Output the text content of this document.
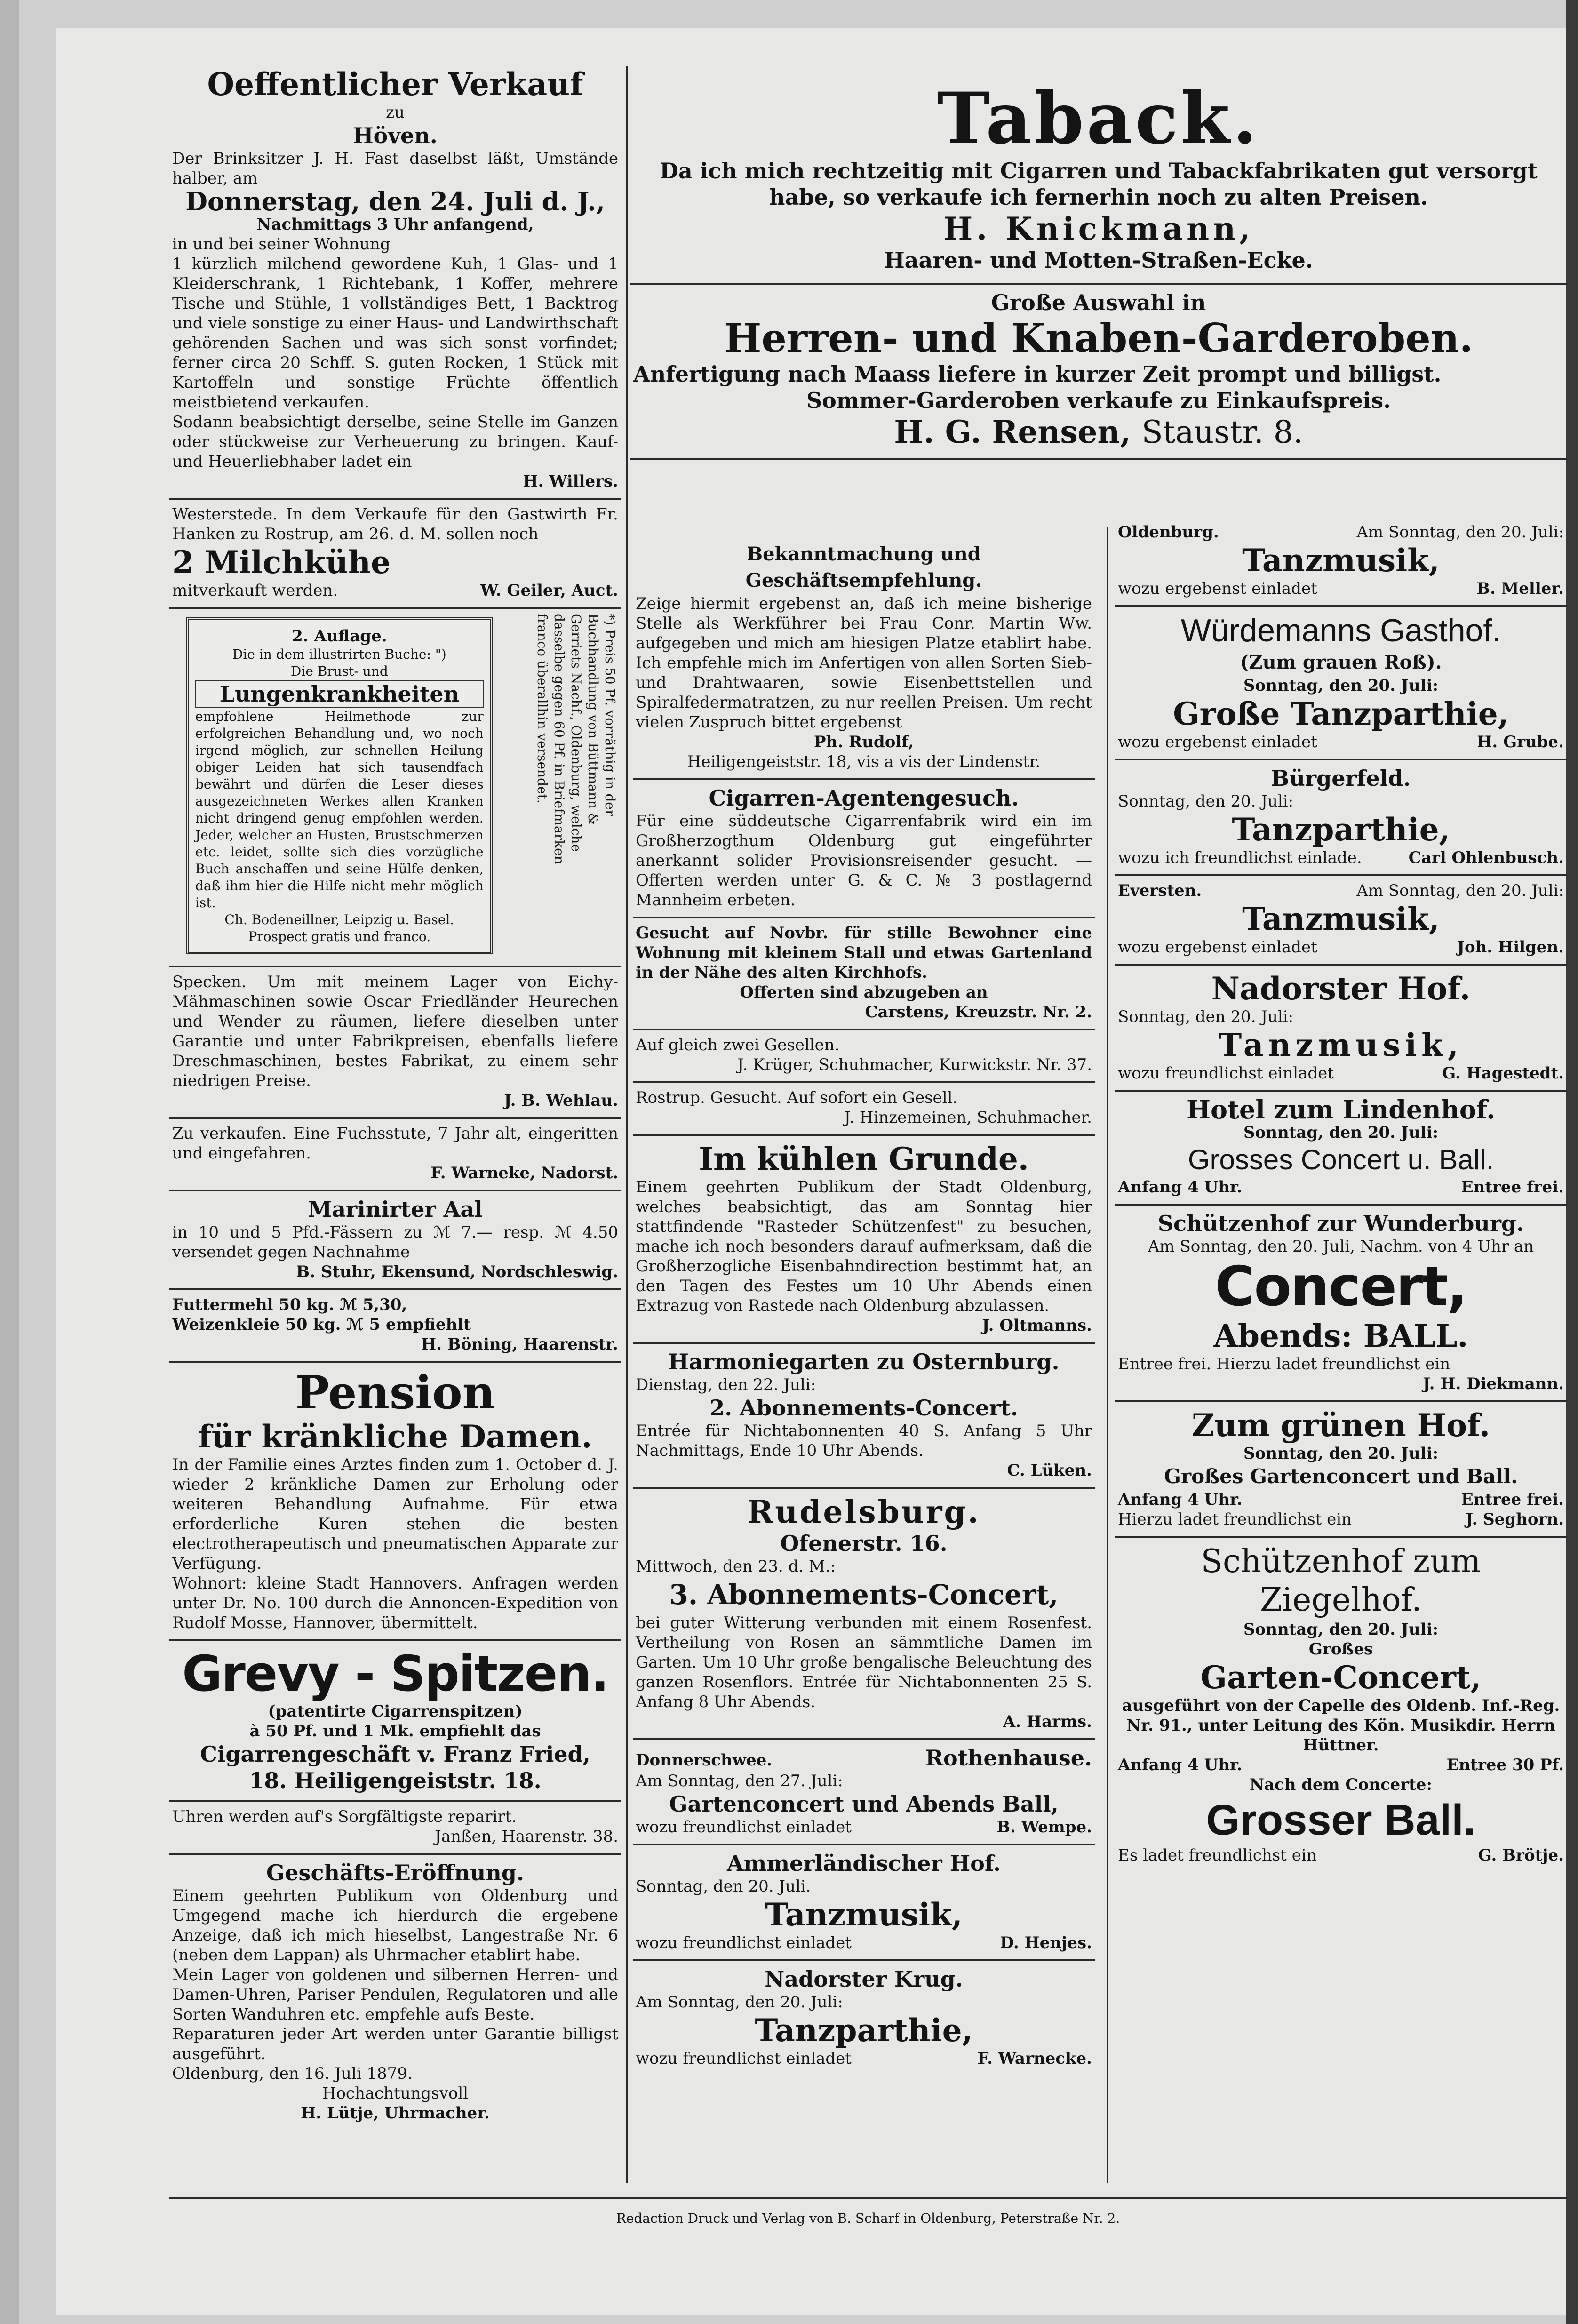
Oeffentlicher Verkauf
zu
Höven.
Der Brinksitzer J. H. Fast daselbst läßt, Umstände halber, am
Donnerstag, den 24. Juli d. J.,
Nachmittags 3 Uhr anfangend,
in und bei seiner Wohnung
1 kürzlich milchend gewordene Kuh, 1 Glas- und 1 Kleiderschrank, 1 Richtebank, 1 Koffer, mehrere Tische und Stühle, 1 vollständiges Bett, 1 Backtrog und viele sonstige zu einer Haus- und Landwirthschaft gehörenden Sachen und was sich sonst vorfindet; ferner circa 20 Schff. S. guten Rocken, 1 Stück mit Kartoffeln und sonstige Früchte öffentlich meistbietend verkaufen.
Sodann beabsichtigt derselbe, seine Stelle im Ganzen oder stückweise zur Verheuerung zu bringen. Kauf- und Heuerliebhaber ladet ein
H. Willers.
Westerstede. In dem Verkaufe für den Gastwirth Fr. Hanken zu Rostrup, am 26. d. M. sollen noch
2 Milchkühe
mitverkauft werden.	W. Geiler, Auct.
2. Auflage.
Die in dem illustrirten Buche: ")
Die Brust- und
Lungenkrankheiten
empfohlene Heilmethode zur erfolgreichen Behandlung und, wo noch irgend möglich, zur schnellen Heilung obiger Leiden hat sich tausendfach bewährt und dürfen die Leser dieses ausgezeichneten Werkes allen Kranken nicht dringend genug empfohlen werden. Jeder, welcher an Husten, Brustschmerzen etc. leidet, sollte sich dies vorzügliche Buch anschaffen und seine Hülfe denken, daß ihm hier die Hilfe nicht mehr möglich ist.
Ch. Bodeneillner, Leipzig u. Basel.
Prospect gratis und franco.
*) Preis 50 Pf. vorräthig in der Buchhandlung von Büttmann & Gerriets Nachf., Oldenburg, welche dasselbe gegen 60 Pf. in Briefmarken franco überallhin versendet.
Specken. Um mit meinem Lager von Eichy-Mähmaschinen sowie Oscar Friedländer Heurechen und Wender zu räumen, liefere dieselben unter Garantie und unter Fabrikpreisen, ebenfalls liefere Dreschmaschinen, bestes Fabrikat, zu einem sehr niedrigen Preise.
J. B. Wehlau.
Zu verkaufen. Eine Fuchsstute, 7 Jahr alt, eingeritten und eingefahren.
F. Warneke, Nadorst.
Marinirter Aal
in 10 und 5 Pfd.-Fässern zu ℳ 7.— resp. ℳ 4.50 versendet gegen Nachnahme
B. Stuhr, Ekensund, Nordschleswig.
Futtermehl 50 kg. ℳ 5,30,
Weizenkleie 50 kg. ℳ 5 empfiehlt
H. Böning, Haarenstr.
Pension
für kränkliche Damen.
In der Familie eines Arztes finden zum 1. October d. J. wieder 2 kränkliche Damen zur Erholung oder weiteren Behandlung Aufnahme. Für etwa erforderliche Kuren stehen die besten electrotherapeutisch und pneumatischen Apparate zur Verfügung.
Wohnort: kleine Stadt Hannovers. Anfragen werden unter Dr. No. 100 durch die Annoncen-Expedition von Rudolf Mosse, Hannover, übermittelt.
Grevy - Spitzen.
(patentirte Cigarrenspitzen)
à 50 Pf. und 1 Mk. empfiehlt das
Cigarrengeschäft v. Franz Fried,
18. Heiligengeiststr. 18.
Uhren werden auf's Sorgfältigste reparirt.
Janßen, Haarenstr. 38.
Geschäfts-Eröffnung.
Einem geehrten Publikum von Oldenburg und Umgegend mache ich hierdurch die ergebene Anzeige, daß ich mich hieselbst, Langestraße Nr. 6 (neben dem Lappan) als Uhrmacher etablirt habe.
Mein Lager von goldenen und silbernen Herren- und Damen-Uhren, Pariser Pendulen, Regulatoren und alle Sorten Wanduhren etc. empfehle aufs Beste.
Reparaturen jeder Art werden unter Garantie billigst ausgeführt.
Oldenburg, den 16. Juli 1879.
Hochachtungsvoll
H. Lütje, Uhrmacher.
Taback.
Da ich mich rechtzeitig mit Cigarren und Tabackfabrikaten gut versorgt habe, so verkaufe ich fernerhin noch zu alten Preisen.
H. Knickmann,
Haaren- und Motten-Straßen-Ecke.
Große Auswahl in
Herren- und Knaben-Garderoben.
Anfertigung nach Maass liefere in kurzer Zeit prompt und billigst.
Sommer-Garderoben verkaufe zu Einkaufspreis.
H. G. Rensen, Staustr. 8.
Bekanntmachung und Geschäftsempfehlung.
Zeige hiermit ergebenst an, daß ich meine bisherige Stelle als Werkführer bei Frau Conr. Martin Ww. aufgegeben und mich am hiesigen Platze etablirt habe. Ich empfehle mich im Anfertigen von allen Sorten Sieb- und Drahtwaaren, sowie Eisenbettstellen und Spiralfedermatratzen, zu nur reellen Preisen. Um recht vielen Zuspruch bittet ergebenst
Ph. Rudolf,
Heiligengeiststr. 18, vis a vis der Lindenstr.
Cigarren-Agentengesuch.
Für eine süddeutsche Cigarrenfabrik wird ein im Großherzogthum Oldenburg gut eingeführter anerkannt solider Provisionsreisender gesucht. — Offerten werden unter G. & C. № 3 postlagernd Mannheim erbeten.
Gesucht auf Novbr. für stille Bewohner eine Wohnung mit kleinem Stall und etwas Gartenland in der Nähe des alten Kirchhofs.
Offerten sind abzugeben an
Carstens, Kreuzstr. Nr. 2.
Auf gleich zwei Gesellen.
J. Krüger, Schuhmacher, Kurwickstr. Nr. 37.
Rostrup. Gesucht. Auf sofort ein Gesell.
J. Hinzemeinen, Schuhmacher.
Im kühlen Grunde.
Einem geehrten Publikum der Stadt Oldenburg, welches beabsichtigt, das am Sonntag hier stattfindende "Rasteder Schützenfest" zu besuchen, mache ich noch besonders darauf aufmerksam, daß die Großherzogliche Eisenbahndirection bestimmt hat, an den Tagen des Festes um 10 Uhr Abends einen Extrazug von Rastede nach Oldenburg abzulassen.
J. Oltmanns.
Harmoniegarten zu Osternburg.
Dienstag, den 22. Juli:
2. Abonnements-Concert.
Entrée für Nichtabonnenten 40 S. Anfang 5 Uhr Nachmittags, Ende 10 Uhr Abends.
C. Lüken.
Rudelsburg.
Ofenerstr. 16.
Mittwoch, den 23. d. M.:
3. Abonnements-Concert,
bei guter Witterung verbunden mit einem Rosenfest. Vertheilung von Rosen an sämmtliche Damen im Garten. Um 10 Uhr große bengalische Beleuchtung des ganzen Rosenflors. Entrée für Nichtabonnenten 25 S. Anfang 8 Uhr Abends.
A. Harms.
Donnerschwee.	Rothenhause.
Am Sonntag, den 27. Juli:
Gartenconcert und Abends Ball,
wozu freundlichst einladet	B. Wempe.
Ammerländischer Hof.
Sonntag, den 20. Juli.
Tanzmusik,
wozu freundlichst einladet	D. Henjes.
Nadorster Krug.
Am Sonntag, den 20. Juli:
Tanzparthie,
wozu freundlichst einladet	F. Warnecke.
Oldenburg.	Am Sonntag, den 20. Juli:
Tanzmusik,
wozu ergebenst einladet	B. Meller.
Würdemanns Gasthof.
(Zum grauen Roß).
Sonntag, den 20. Juli:
Große Tanzparthie,
wozu ergebenst einladet	H. Grube.
Bürgerfeld.
Sonntag, den 20. Juli:
Tanzparthie,
wozu ich freundlichst einlade.	Carl Ohlenbusch.
Eversten.	Am Sonntag, den 20. Juli:
Tanzmusik,
wozu ergebenst einladet	Joh. Hilgen.
Nadorster Hof.
Sonntag, den 20. Juli:
Tanzmusik,
wozu freundlichst einladet	G. Hagestedt.
Hotel zum Lindenhof.
Sonntag, den 20. Juli:
Grosses Concert u. Ball.
Anfang 4 Uhr.	Entree frei.
Schützenhof zur Wunderburg.
Am Sonntag, den 20. Juli, Nachm. von 4 Uhr an
Concert,
Abends: BALL.
Entree frei. Hierzu ladet freundlichst ein
J. H. Diekmann.
Zum grünen Hof.
Sonntag, den 20. Juli:
Großes Gartenconcert und Ball.
Anfang 4 Uhr.	Entree frei.
Hierzu ladet freundlichst ein	J. Seghorn.
Schützenhof zum Ziegelhof.
Sonntag, den 20. Juli:
Großes
Garten-Concert,
ausgeführt von der Capelle des Oldenb. Inf.-Reg. Nr. 91., unter Leitung des Kön. Musikdir. Herrn Hüttner.
Anfang 4 Uhr.	Entree 30 Pf.
Nach dem Concerte:
Grosser Ball.
Es ladet freundlichst ein	G. Brötje.
Redaction Druck und Verlag von B. Scharf in Oldenburg, Peterstraße Nr. 2.
